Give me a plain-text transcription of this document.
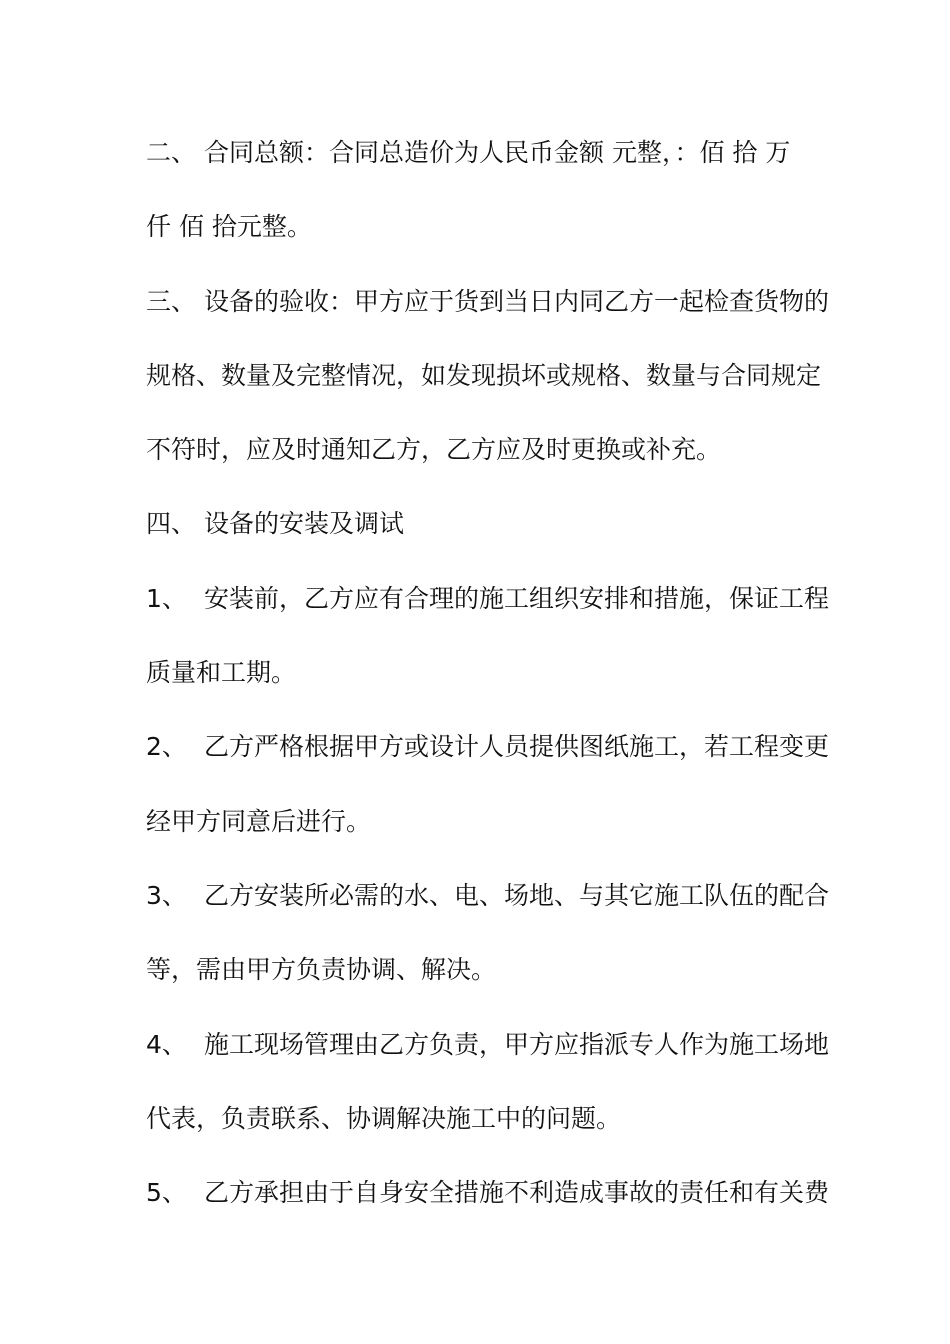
二、 合同总额：合同总造价为人民币金额 元整，：佰 拾 万
仟 佰 拾元整。
三、 设备的验收：甲方应于货到当日内同乙方一起检查货物的
规格、数量及完整情况，如发现损坏或规格、数量与合同规定
不符时，应及时通知乙方，乙方应及时更换或补充。
四、 设备的安装及调试
1、 安装前，乙方应有合理的施工组织安排和措施，保证工程
质量和工期。
2、 乙方严格根据甲方或设计人员提供图纸施工，若工程变更
经甲方同意后进行。
3、 乙方安装所必需的水、电、场地、与其它施工队伍的配合
等，需由甲方负责协调、解决。
4、 施工现场管理由乙方负责，甲方应指派专人作为施工场地
代表，负责联系、协调解决施工中的问题。
5、 乙方承担由于自身安全措施不利造成事故的责任和有关费
